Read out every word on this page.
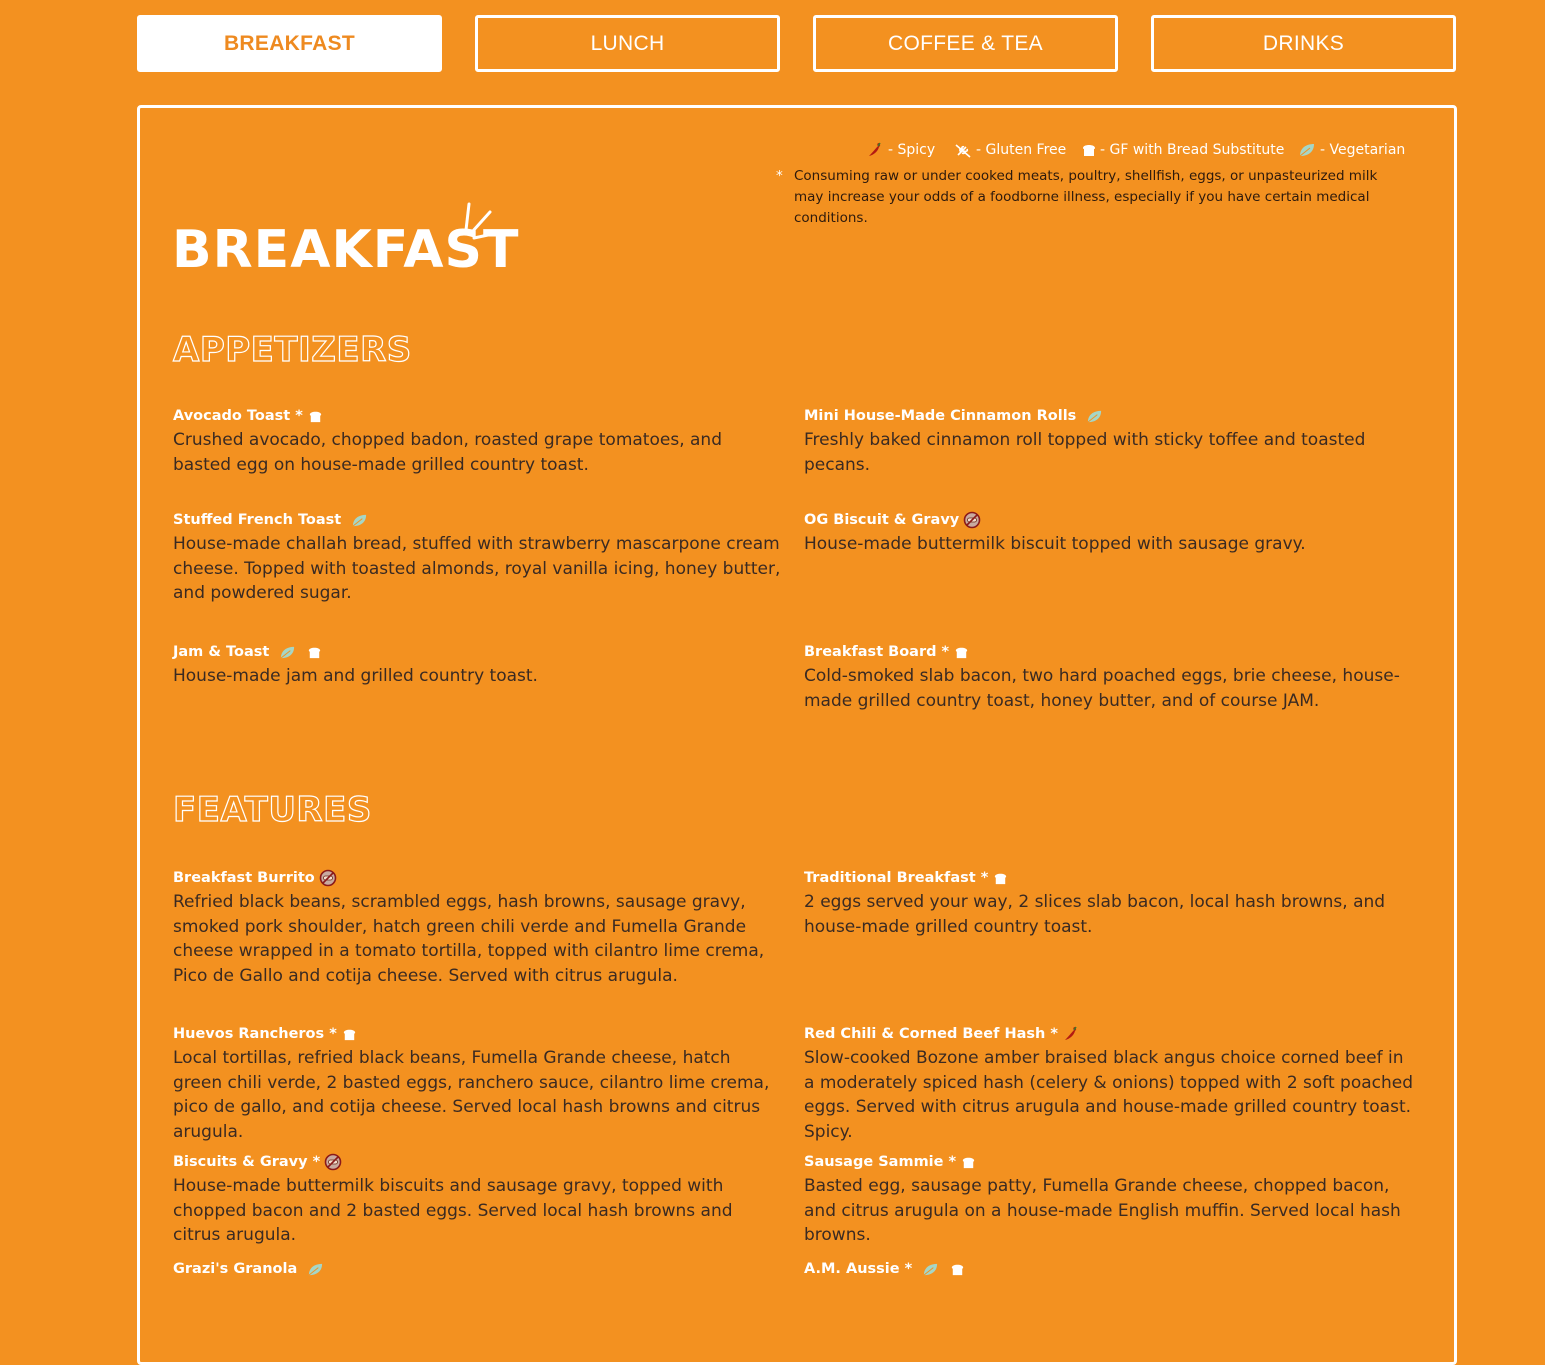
BREAKFAST	LUNCH	COFFEE & TEA	DRINKS
- Spicy	- Gluten Free - GF with Bread Substitute	- Vegetarian
* Consuming raw or under cooked meats, poultry, shellfish, eggs, or unpasteurized milk may increase your odds of a foodborne illness, especially if you have certain medical conditions.
BREAKFAST
APPETIZERS
Avocado Toast *
Crushed avocado, chopped badon, roasted grape tomatoes, and basted egg on house-made grilled country toast.
Mini House-Made Cinnamon Rolls
Freshly baked cinnamon roll topped with sticky toffee and toasted pecans.
Stuffed French Toast
House-made challah bread, stuffed with strawberry mascarpone cream cheese. Topped with toasted almonds, royal vanilla icing, honey butter, and powdered sugar.
OG Biscuit & Gravy
House-made buttermilk biscuit topped with sausage gravy.
Jam & Toast
House-made jam and grilled country toast.
Breakfast Board *
Cold-smoked slab bacon, two hard poached eggs, brie cheese, house-made grilled country toast, honey butter, and of course JAM.
FEATURES
Breakfast Burrito
Refried black beans, scrambled eggs, hash browns, sausage gravy, smoked pork shoulder, hatch green chili verde and Fumella Grande cheese wrapped in a tomato tortilla, topped with cilantro lime crema, Pico de Gallo and cotija cheese. Served with citrus arugula.
Traditional Breakfast *
2 eggs served your way, 2 slices slab bacon, local hash browns, and house-made grilled country toast.
Huevos Rancheros *
Local tortillas, refried black beans, Fumella Grande cheese, hatch green chili verde, 2 basted eggs, ranchero sauce, cilantro lime crema, pico de gallo, and cotija cheese. Served local hash browns and citrus arugula.
Red Chili & Corned Beef Hash *
Slow-cooked Bozone amber braised black angus choice corned beef in a moderately spiced hash (celery & onions) topped with 2 soft poached eggs. Served with citrus arugula and house-made grilled country toast. Spicy.
Biscuits & Gravy *
House-made buttermilk biscuits and sausage gravy, topped with chopped bacon and 2 basted eggs. Served local hash browns and citrus arugula.
Sausage Sammie *
Basted egg, sausage patty, Fumella Grande cheese, chopped bacon, and citrus arugula on a house-made English muffin. Served local hash browns.
Grazi's Granola	A.M. Aussie *
